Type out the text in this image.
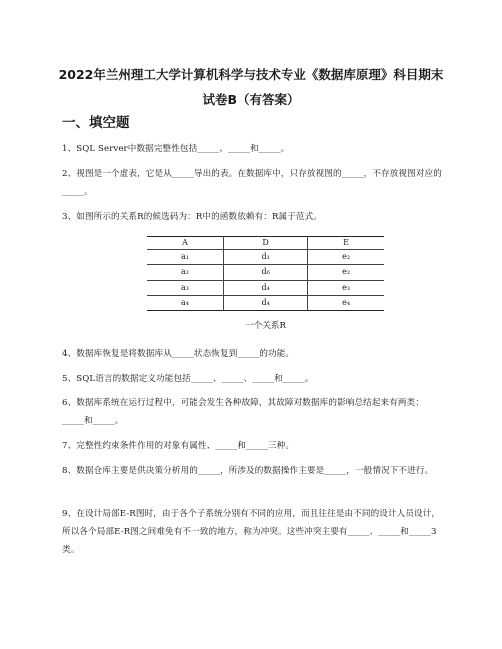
2022年兰州理工大学计算机科学与技术专业《数据库原理》科目期末
试卷B（有答案）
一、填空题
1、SQL Server中数据完整性包括_____、_____和_____。
2、视图是一个虚表，它是从_____导出的表。在数据库中，只存放视图的_____，不存放视图对应的_____。
3、如图所示的关系R的候选码为：R中的函数依赖有：R属于范式。
A	D	E
a₁	d₁	e₂
a₂	d₆	e₂
a₃	d₄	e₃
a₄	d₄	e₄
一个关系R
4、数据库恢复是将数据库从_____状态恢复到_____的功能。
5、SQL语言的数据定义功能包括_____、_____、_____和_____。
6、数据库系统在运行过程中，可能会发生各种故障，其故障对数据库的影响总结起来有两类：_____和_____。
7、完整性约束条件作用的对象有属性、_____和_____三种。
8、数据仓库主要是供决策分析用的_____，所涉及的数据操作主要是_____，一般情况下不进行。
9、在设计局部E-R图时，由于各个子系统分别有不同的应用，而且往往是由不同的设计人员设计，所以各个局部E-R图之间难免有不一致的地方，称为冲突。这些冲突主要有_____、_____和_____3类。
